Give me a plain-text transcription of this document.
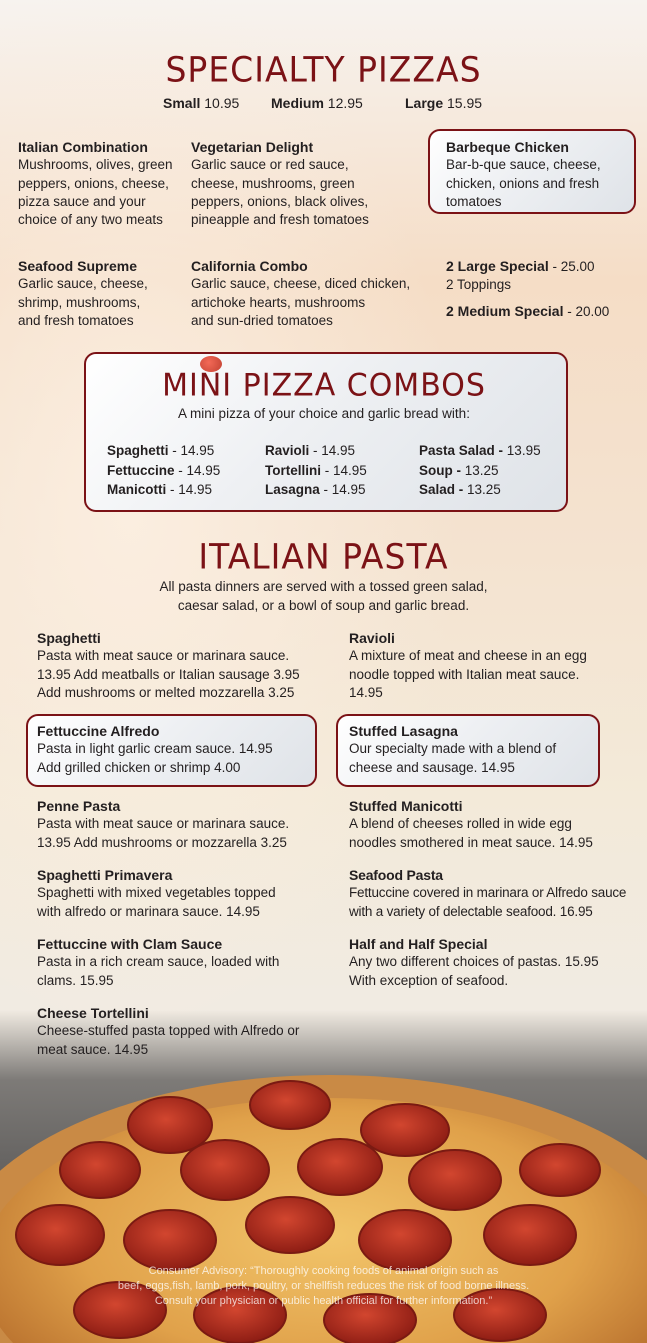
SPECIALTY PIZZAS
Small 10.95 Medium 12.95	Large 15.95
Italian Combination
Mushrooms, olives, green
peppers, onions, cheese,
pizza sauce and your
choice of any two meats
Vegetarian Delight
Garlic sauce or red sauce,
cheese, mushrooms, green
peppers, onions, black olives,
pineapple and fresh tomatoes
Barbeque Chicken
Bar-b-que sauce, cheese,
chicken, onions and fresh
tomatoes
Seafood Supreme
Garlic sauce, cheese,
shrimp, mushrooms,
and fresh tomatoes
California Combo
Garlic sauce, cheese, diced chicken,
artichoke hearts, mushrooms
and sun-dried tomatoes
2 Large Special - 25.00
2 Toppings
2 Medium Special - 20.00
MINI PIZZA COMBOS
A mini pizza of your choice and garlic bread with:
Spaghetti - 14.95
Fettuccine - 14.95
Manicotti - 14.95
Ravioli - 14.95
Tortellini - 14.95
Lasagna - 14.95
Pasta Salad - 13.95
Soup - 13.25
Salad - 13.25
ITALIAN PASTA
All pasta dinners are served with a tossed green salad,
caesar salad, or a bowl of soup and garlic bread.
Spaghetti
Pasta with meat sauce or marinara sauce.
13.95 Add meatballs or Italian sausage 3.95
Add mushrooms or melted mozzarella 3.25
Fettuccine Alfredo
Pasta in light garlic cream sauce. 14.95
Add grilled chicken or shrimp 4.00
Penne Pasta
Pasta with meat sauce or marinara sauce.
13.95 Add mushrooms or mozzarella 3.25
Spaghetti Primavera
Spaghetti with mixed vegetables topped
with alfredo or marinara sauce. 14.95
Fettuccine with Clam Sauce
Pasta in a rich cream sauce, loaded with
clams. 15.95
Cheese Tortellini
Cheese-stuffed pasta topped with Alfredo or
meat sauce. 14.95
Ravioli
A mixture of meat and cheese in an egg
noodle topped with Italian meat sauce.
14.95
Stuffed Lasagna
Our specialty made with a blend of
cheese and sausage. 14.95
Stuffed Manicotti
A blend of cheeses rolled in wide egg
noodles smothered in meat sauce. 14.95
Seafood Pasta
Fettuccine covered in marinara or Alfredo sauce
with a variety of delectable seafood. 16.95
Half and Half Special
Any two different choices of pastas. 15.95
With exception of seafood.
Consumer Advisory: “Thoroughly cooking foods of animal origin such as
beef, eggs,fish, lamb, pork, poultry, or shellfish reduces the risk of food borne illness.
Consult your physician or public health official for further information.”
